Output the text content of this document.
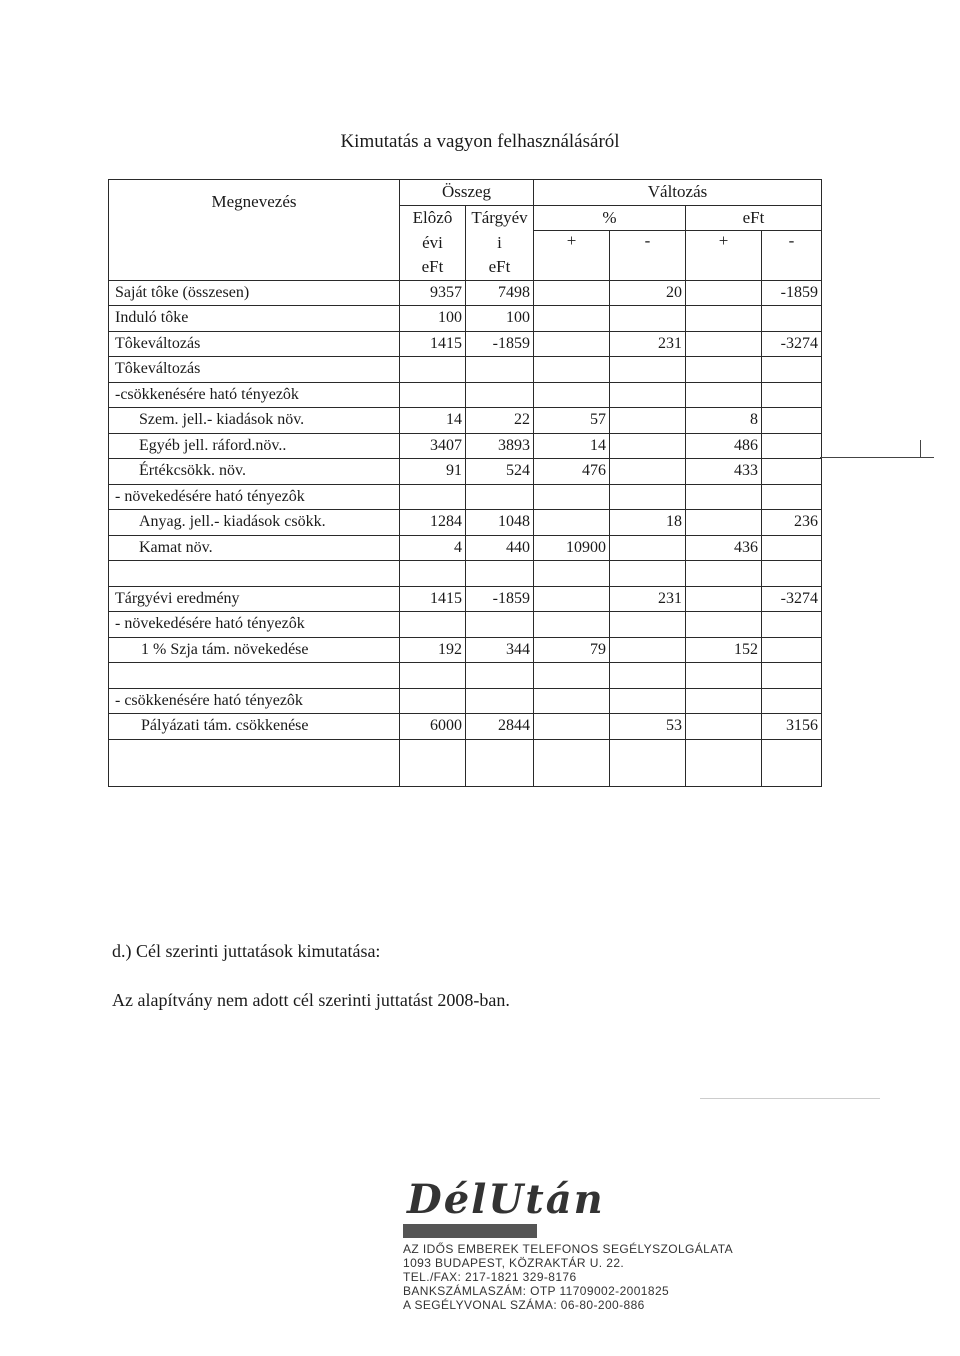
Kimutatás a vagyon felhasználásáról
Megnevezés	Összeg		Változás			
	Elôzô	Tárgyév	%		eFt	
	évi	i	+	-	+	-
	eFt	eFt				
Saját tôke (összesen)	9357	7498		20		-1859
Induló tôke	100	100				
Tôkeváltozás	1415	-1859		231		-3274
Tôkeváltozás						
-csökkenésére ható tényezôk						
Szem. jell.- kiadások növ.	14	22	57		8	
Egyéb jell. ráford.növ..	3407	3893	14		486	
Értékcsökk. növ.	91	524	476		433	
- növekedésére ható tényezôk						
Anyag. jell.- kiadások csökk.	1284	1048		18		236
Kamat növ.	4	440	10900		436	

Tárgyévi eredmény	1415	-1859		231		-3274
- növekedésére ható tényezôk						
1 % Szja tám. növekedése	192	344	79		152	

- csökkenésére ható tényezôk						
Pályázati tám. csökkenése	6000	2844		53		3156

d.) Cél szerinti juttatások kimutatása:
Az alapítvány nem adott cél szerinti juttatást 2008-ban.
DélUtán
AZ IDŐS EMBEREK TELEFONOS SEGÉLYSZOLGÁLATA
1093 BUDAPEST, KÖZRAKTÁR U. 22.
TEL./FAX: 217-1821 329-8176
BANKSZÁMLASZÁM: OTP 11709002-2001825
A SEGÉLYVONAL SZÁMA: 06-80-200-886
